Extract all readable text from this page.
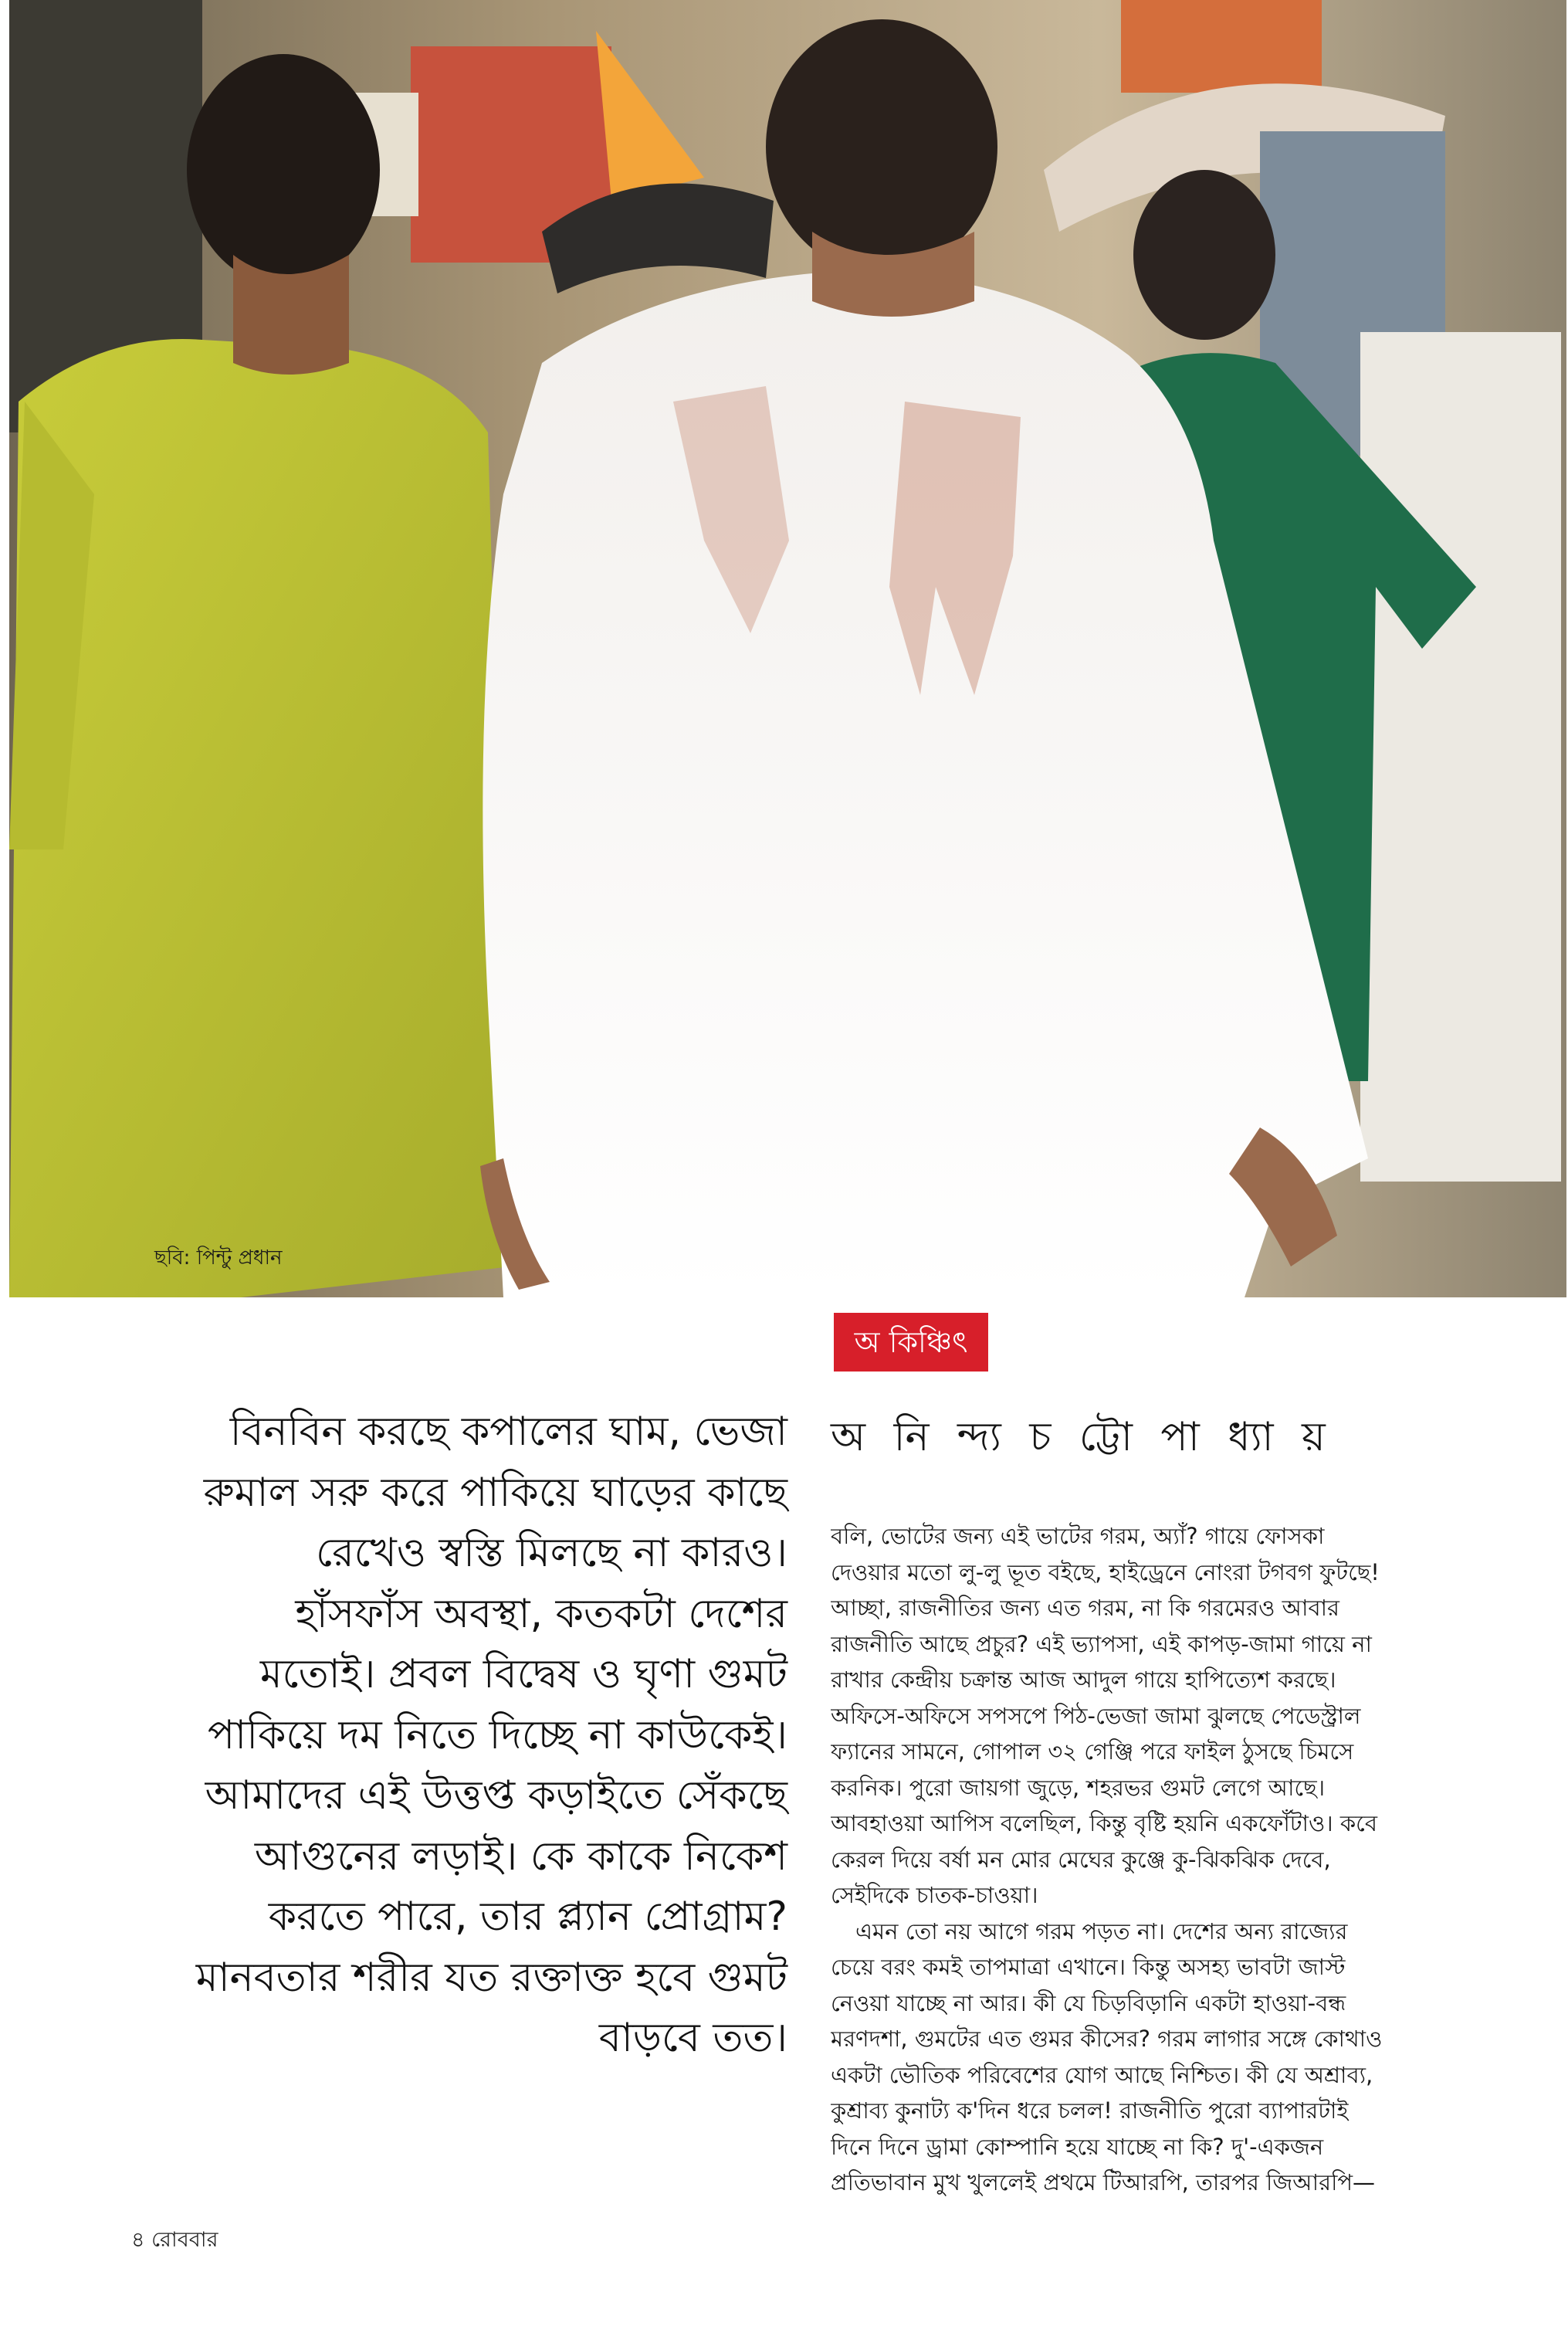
ছবি: পিন্টু প্রধান
অ কিঞ্চিৎ
অ নি ন্দ্য চ ট্টো পা ধ্যা য়
বিনবিন করছে কপালের ঘাম, ভেজা
রুমাল সরু করে পাকিয়ে ঘাড়ের কাছে
রেখেও স্বস্তি মিলছে না কারও।
হাঁসফাঁস অবস্থা, কতকটা দেশের
মতোই। প্রবল বিদ্বেষ ও ঘৃণা গুমট
পাকিয়ে দম নিতে দিচ্ছে না কাউকেই।
আমাদের এই উত্তপ্ত কড়াইতে সেঁকছে
আগুনের লড়াই। কে কাকে নিকেশ
করতে পারে, তার প্ল্যান প্রোগ্রাম?
মানবতার শরীর যত রক্তাক্ত হবে গুমট
বাড়বে তত।
বলি, ভোটের জন্য এই ভাটের গরম, অ্যাঁ? গায়ে ফোসকা
দেওয়ার মতো লু-লু ভূত বইছে, হাইড্রেনে নোংরা টগবগ ফুটছে!
আচ্ছা, রাজনীতির জন্য এত গরম, না কি গরমেরও আবার
রাজনীতি আছে প্রচুর? এই ভ্যাপসা, এই কাপড়-জামা গায়ে না
রাখার কেন্দ্রীয় চক্রান্ত আজ আদুল গায়ে হাপিত্যেশ করছে।
অফিসে-অফিসে সপসপে পিঠ-ভেজা জামা ঝুলছে পেডেস্ট্রাল
ফ্যানের সামনে, গোপাল ৩২ গেঞ্জি পরে ফাইল ঠুসছে চিমসে
করনিক। পুরো জায়গা জুড়ে, শহরভর গুমট লেগে আছে।
আবহাওয়া আপিস বলেছিল, কিন্তু বৃষ্টি হয়নি একফোঁটাও। কবে
কেরল দিয়ে বর্ষা মন মোর মেঘের কুঞ্জে কু-ঝিকঝিক দেবে,
সেইদিকে চাতক-চাওয়া।
এমন তো নয় আগে গরম পড়ত না। দেশের অন্য রাজ্যের
চেয়ে বরং কমই তাপমাত্রা এখানে। কিন্তু অসহ্য ভাবটা জাস্ট
নেওয়া যাচ্ছে না আর। কী যে চিড়বিড়ানি একটা হাওয়া-বন্ধ
মরণদশা, গুমটের এত গুমর কীসের? গরম লাগার সঙ্গে কোথাও
একটা ভৌতিক পরিবেশের যোগ আছে নিশ্চিত। কী যে অশ্রাব্য,
কুশ্রাব্য কুনাট্য ক'দিন ধরে চলল! রাজনীতি পুরো ব্যাপারটাই
দিনে দিনে ড্রামা কোম্পানি হয়ে যাচ্ছে না কি? দু'-একজন
প্রতিভাবান মুখ খুললেই প্রথমে টিআরপি, তারপর জিআরপি—
৪ রোববার
